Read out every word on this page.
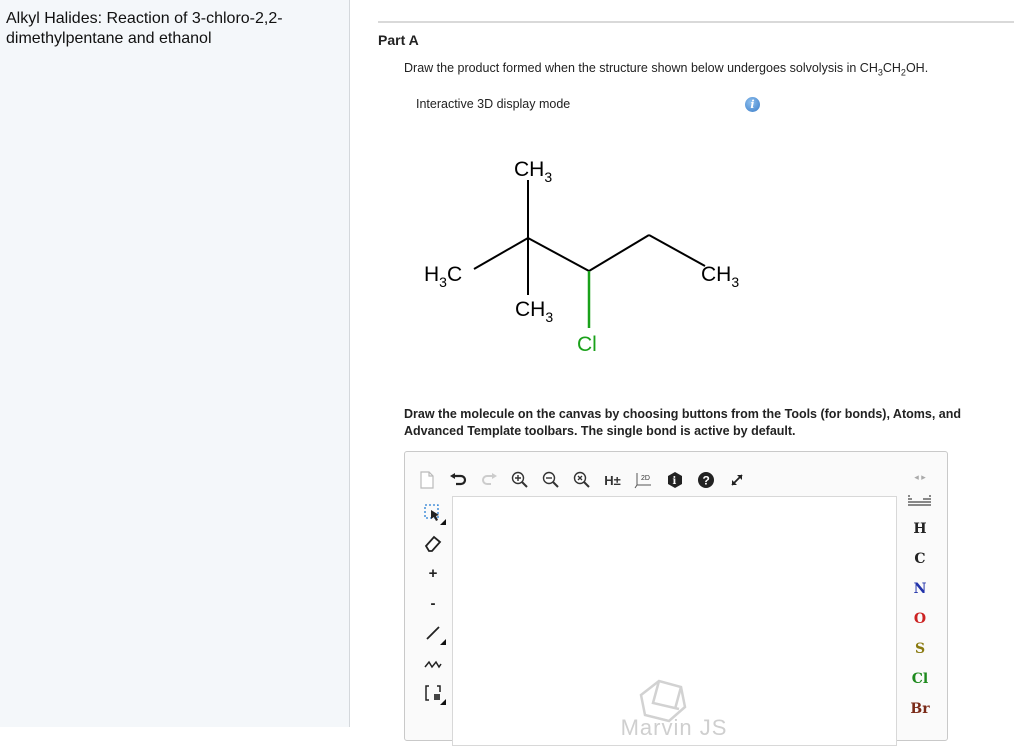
Alkyl Halides: Reaction of 3-chloro-2,2-dimethylpentane and ethanol	Part A
Draw the product formed when the structure shown below undergoes solvolysis in $CH_3CH_2OH$.
Interactive 3D display mode	i
$CH_3$
$H_3C$	$CH_3$
$CH_3$
Cl
Draw the molecule on the canvas by choosing buttons from the Tools (for bonds), Atoms, and Advanced Template toolbars. The single bond is active by default.
H±	2D i ?
+
-
Marvin JS
◂ ▸
H
C
N
O
S
Cl
Br
